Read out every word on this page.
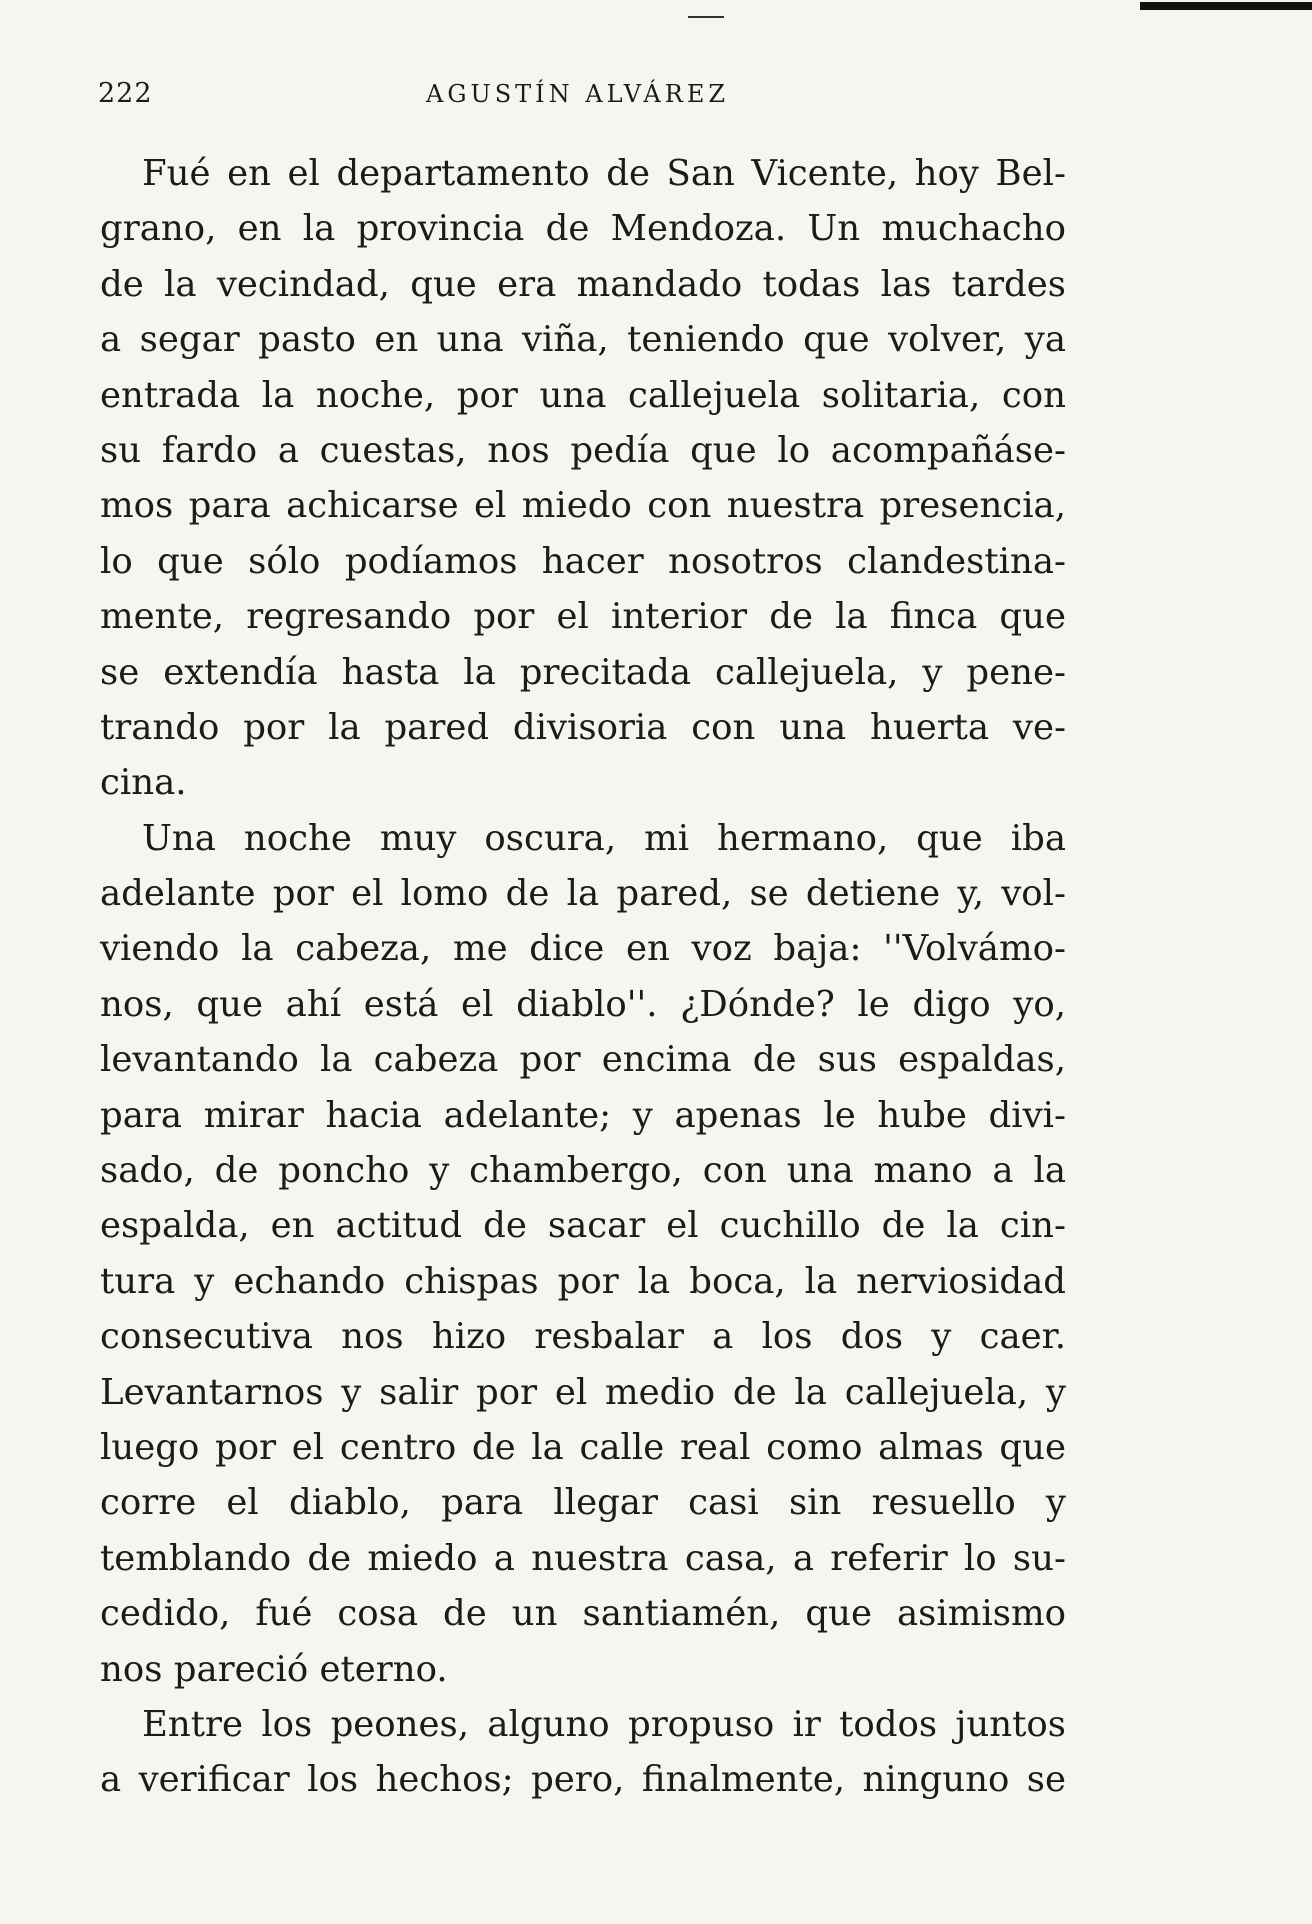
222	AGUSTÍN ALVÁREZ

Fué en el departamento de San Vicente, hoy Bel-
grano, en la provincia de Mendoza. Un muchacho
de la vecindad, que era mandado todas las tardes
a segar pasto en una viña, teniendo que volver, ya
entrada la noche, por una callejuela solitaria, con
su fardo a cuestas, nos pedía que lo acompañáse-
mos para achicarse el miedo con nuestra presencia,
lo que sólo podíamos hacer nosotros clandestina-
mente, regresando por el interior de la finca que
se extendía hasta la precitada callejuela, y pene-
trando por la pared divisoria con una huerta ve-
cina.

Una noche muy oscura, mi hermano, que iba
adelante por el lomo de la pared, se detiene y, vol-
viendo la cabeza, me dice en voz baja: ''Volvámo-
nos, que ahí está el diablo''. ¿Dónde? le digo yo,
levantando la cabeza por encima de sus espaldas,
para mirar hacia adelante; y apenas le hube divi-
sado, de poncho y chambergo, con una mano a la
espalda, en actitud de sacar el cuchillo de la cin-
tura y echando chispas por la boca, la nerviosidad
consecutiva nos hizo resbalar a los dos y caer.
Levantarnos y salir por el medio de la callejuela, y
luego por el centro de la calle real como almas que
corre el diablo, para llegar casi sin resuello y
temblando de miedo a nuestra casa, a referir lo su-
cedido, fué cosa de un santiamén, que asimismo
nos pareció eterno.

Entre los peones, alguno propuso ir todos juntos
a verificar los hechos; pero, finalmente, ninguno se
